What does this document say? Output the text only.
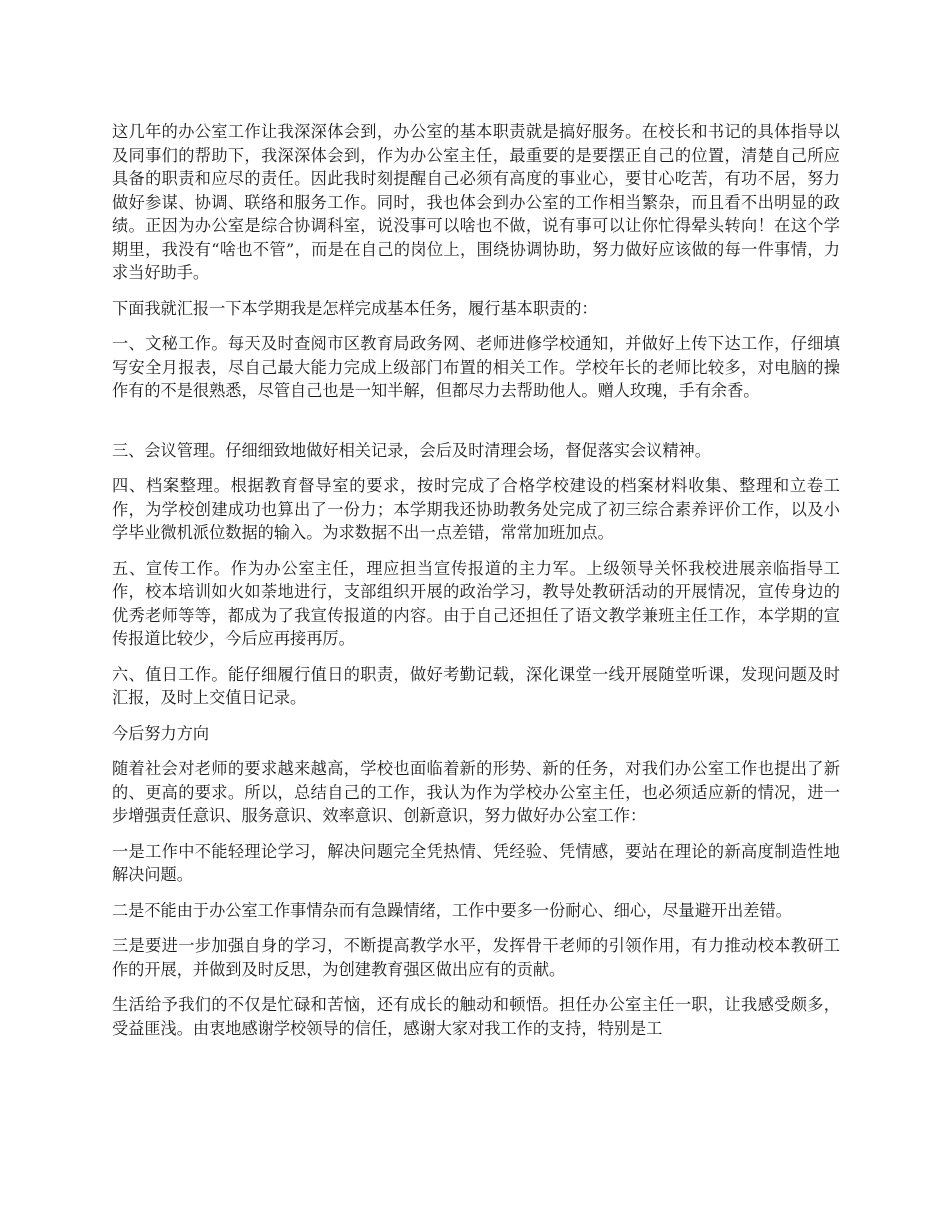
这几年的办公室工作让我深深体会到，办公室的基本职责就是搞好服务。在校长和书记的具体指导以及同事们的帮助下，我深深体会到，作为办公室主任，最重要的是要摆正自己的位置，清楚自己所应具备的职责和应尽的责任。因此我时刻提醒自己必须有高度的事业心，要甘心吃苦，有功不居，努力做好参谋、协调、联络和服务工作。同时，我也体会到办公室的工作相当繁杂，而且看不出明显的政绩。正因为办公室是综合协调科室，说没事可以啥也不做，说有事可以让你忙得晕头转向！在这个学期里，我没有“啥也不管”，而是在自己的岗位上，围绕协调协助，努力做好应该做的每一件事情，力求当好助手。

下面我就汇报一下本学期我是怎样完成基本任务，履行基本职责的：

一、文秘工作。每天及时查阅市区教育局政务网、老师进修学校通知，并做好上传下达工作，仔细填写安全月报表，尽自己最大能力完成上级部门布置的相关工作。学校年长的老师比较多，对电脑的操作有的不是很熟悉，尽管自己也是一知半解，但都尽力去帮助他人。赠人玫瑰，手有余香。

三、会议管理。仔细细致地做好相关记录，会后及时清理会场，督促落实会议精神。

四、档案整理。根据教育督导室的要求，按时完成了合格学校建设的档案材料收集、整理和立卷工作，为学校创建成功也算出了一份力；本学期我还协助教务处完成了初三综合素养评价工作，以及小学毕业微机派位数据的输入。为求数据不出一点差错，常常加班加点。

五、宣传工作。作为办公室主任，理应担当宣传报道的主力军。上级领导关怀我校进展亲临指导工作，校本培训如火如荼地进行，支部组织开展的政治学习，教导处教研活动的开展情况，宣传身边的优秀老师等等，都成为了我宣传报道的内容。由于自己还担任了语文教学兼班主任工作，本学期的宣传报道比较少，今后应再接再厉。

六、值日工作。能仔细履行值日的职责，做好考勤记载，深化课堂一线开展随堂听课，发现问题及时汇报，及时上交值日记录。

今后努力方向

随着社会对老师的要求越来越高，学校也面临着新的形势、新的任务，对我们办公室工作也提出了新的、更高的要求。所以，总结自己的工作，我认为作为学校办公室主任，也必须适应新的情况，进一步增强责任意识、服务意识、效率意识、创新意识，努力做好办公室工作：

一是工作中不能轻理论学习，解决问题完全凭热情、凭经验、凭情感，要站在理论的新高度制造性地解决问题。

二是不能由于办公室工作事情杂而有急躁情绪，工作中要多一份耐心、细心，尽量避开出差错。

三是要进一步加强自身的学习，不断提高教学水平，发挥骨干老师的引领作用，有力推动校本教研工作的开展，并做到及时反思，为创建教育强区做出应有的贡献。

生活给予我们的不仅是忙碌和苦恼，还有成长的触动和顿悟。担任办公室主任一职，让我感受颇多，受益匪浅。由衷地感谢学校领导的信任，感谢大家对我工作的支持，特别是工
